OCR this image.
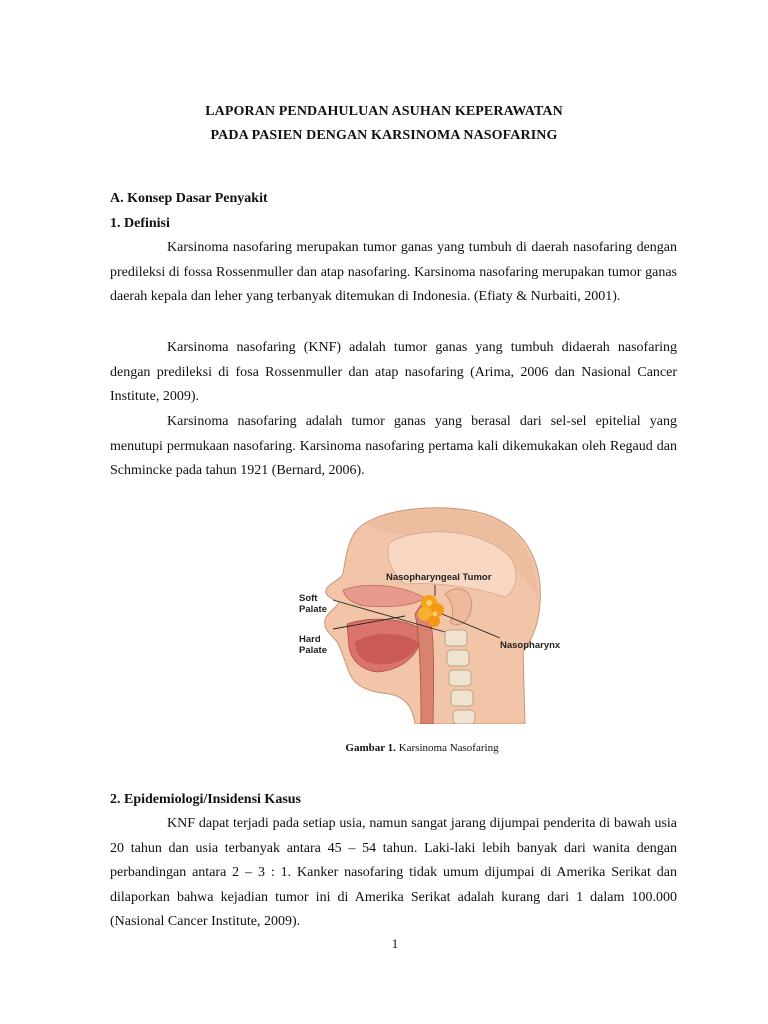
LAPORAN PENDAHULUAN ASUHAN KEPERAWATAN
PADA PASIEN DENGAN KARSINOMA NASOFARING
A. Konsep Dasar Penyakit
1. Definisi

Karsinoma nasofaring merupakan tumor ganas yang tumbuh di daerah nasofaring dengan predileksi di fossa Rossenmuller dan atap nasofaring. Karsinoma nasofaring merupakan tumor ganas daerah kepala dan leher yang terbanyak ditemukan di Indonesia. (Efiaty & Nurbaiti, 2001).

Karsinoma nasofaring (KNF) adalah tumor ganas yang tumbuh didaerah nasofaring dengan predileksi di fosa Rossenmuller dan atap nasofaring (Arima, 2006 dan Nasional Cancer Institute, 2009).

Karsinoma nasofaring adalah tumor ganas yang berasal dari sel-sel epitelial yang menutupi permukaan nasofaring. Karsinoma nasofaring pertama kali dikemukakan oleh Regaud dan Schmincke pada tahun 1921 (Bernard, 2006).

Nasopharyngeal Tumor
Soft
Palate
Hard
Palate	Nasopharynx
Gambar 1. Karsinoma Nasofaring
2. Epidemiologi/Insidensi Kasus

KNF dapat terjadi pada setiap usia, namun sangat jarang dijumpai penderita di bawah usia 20 tahun dan usia terbanyak antara 45 – 54 tahun. Laki-laki lebih banyak dari wanita dengan perbandingan antara 2 – 3 : 1. Kanker nasofaring tidak umum dijumpai di Amerika Serikat dan dilaporkan bahwa kejadian tumor ini di Amerika Serikat adalah kurang dari 1 dalam 100.000 (Nasional Cancer Institute, 2009).

1
